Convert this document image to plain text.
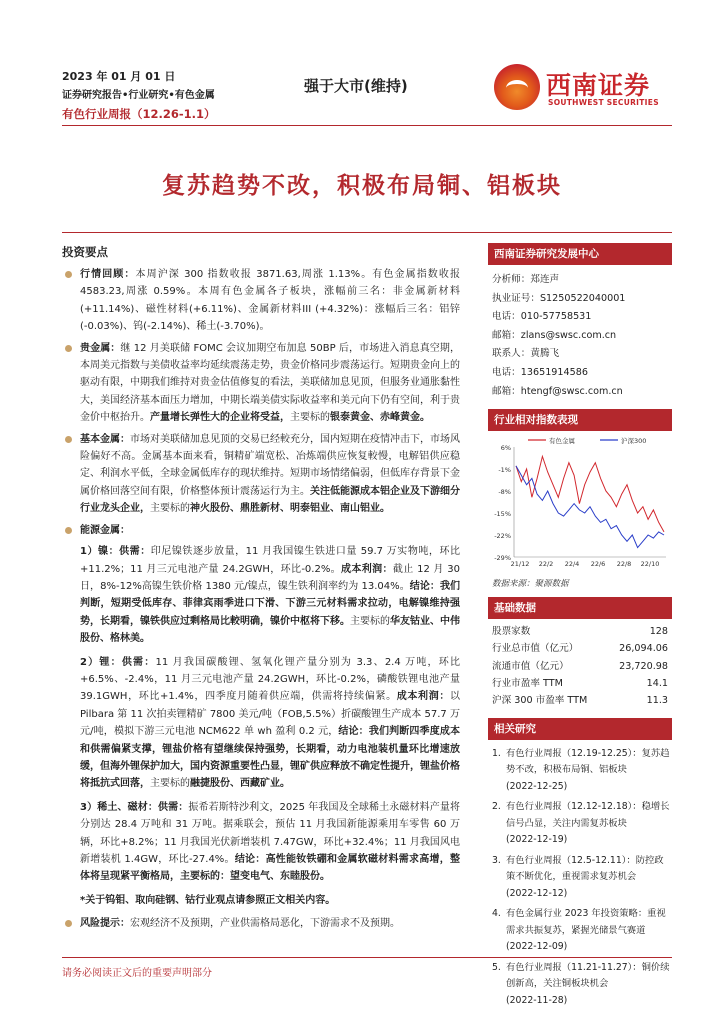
2023 年 01 月 01 日
证券研究报告•行业研究•有色金属
有色行业周报（12.26-1.1）
强于大市(维持)	西南证券
SOUTHWEST SECURITIES
复苏趋势不改，积极布局铜、铝板块
投资要点
行情回顾：本周沪深 300 指数收报 3871.63,周涨 1.13%。有色金属指数收报 4583.23,周涨 0.59%。本周有色金属各子板块，涨幅前三名：非金属新材料(+11.14%)、磁性材料(+6.11%)、金属新材料III (+4.32%)：涨幅后三名：铝锌(-0.03%)、钨(-2.14%)、稀土(-3.70%)。
贵金属：继 12 月美联储 FOMC 会议加期空布加息 50BP 后，市场进入消息真空期，本周美元指数与美债收益率均延续震荡走势，贵金价格同步震荡运行。短期贵金向上的驱动有限，中期我们维持对贵金估值修复的看法，美联储加息见顶，但服务业通胀黏性大，美国经济基本面压力增加，中期长端美债实际收益率和美元向下仍有空间，利于贵金价中枢抬升。产量增长弹性大的企业将受益，主要标的银泰黄金、赤峰黄金。
基本金属：市场对美联储加息见顶的交易已经較充分，国内短期在疫情冲击下，市场风险偏好不高。金属基本面来看，铜精矿端宽松、冶炼端供应恢复較慢，电解铝供应稳定、利润水平低，全球金属低库存的现状维持。短期市场情绪偏弱，但低库存背景下金属价格回落空间有限，价格整体预计震荡运行为主。关注低能源成本铝企业及下游细分行业龙头企业，主要标的神火股份、鼎胜新材、明泰铝业、南山铝业。
能源金属：
1）镍：供需：印尼镍铁逐步放量，11 月我国镍生铁进口量 59.7 万实物吨，环比+11.2%；11 月三元电池产量 24.2GWH，环比-0.2%。成本利润：截止 12 月 30 日，8%-12%高镍生铁价格 1380 元/镍点，镍生铁利润率约为 13.04%。结论：我们判断，短期受低库存、菲律宾雨季进口下滑、下游三元材料需求拉动，电解镍维持强势，长期看，镍铁供应过剩格局比較明确，镍价中枢将下移。主要标的华友钴业、中伟股份、格林美。
2）锂：供需：11 月我国碳酸锂、氢氧化锂产量分别为 3.3、2.4 万吨，环比+6.5%、-2.4%，11 月三元电池产量 24.2GWH，环比-0.2%，磷酸铁锂电池产量 39.1GWH，环比+1.4%，四季度月随着供应端，供需将持续偏紧。成本利润：以 Pilbara 第 11 次拍卖锂精矿 7800 美元/吨（FOB,5.5%）折碳酸锂生产成本 57.7 万元/吨，模拟下游三元电池 NCM622 单 wh 盈利 0.2 元，结论：我们判断四季度成本和供需偏紧支撑，锂盐价格有望继续保持强势，长期看，动力电池装机量环比增速放缓，但海外锂保护加大，国内资源重要性凸显，锂矿供应释放不确定性提升，锂盐价格将抵抗式回落，主要标的融捷股份、西藏矿业。
3）稀土、磁材：供需：振希若斯特沙利文，2025 年我国及全球稀土永磁材料产量将分别达 28.4 万吨和 31 万吨。据乘联会，预估 11 月我国新能源乘用车零售 60 万辆，环比+8.2%；11 月我国光伏新增装机 7.47GW，环比+32.4%；11 月我国风电新增装机 1.4GW，环比-27.4%。结论：高性能钕铁硼和金属软磁材料需求高增，整体将呈现紧平衡格局，主要标的：望变电气、东睦股份。
*关于钨钼、取向硅钢、钴行业观点请参照正文相关内容。
风险提示：宏观经济不及预期，产业供需格局恶化，下游需求不及预期。
西南证券研究发展中心
分析师：郑连声
执业证号：S1250522040001
电话：010-57758531
邮箱：zlans@swsc.com.cn
联系人：黄腾飞
电话：13651914586
邮箱：htengf@swsc.com.cn
行业相对指数表现
6%
-1%
-8%
-15%
-22%
-29%
21/12 22/2 22/4 22/6 22/8 22/10
有色金属	沪深300
数据来源：聚源数据
基础数据
股票家数	128
行业总市值（亿元）	26,094.06
流通市值（亿元）	23,720.98
行业市盈率 TTM	14.1
沪深 300 市盈率 TTM	11.3
相关研究
1. 有色行业周报（12.19-12.25）：复苏趋势不改，积极布局铜、铝板块
(2022-12-25)
2. 有色行业周报（12.12-12.18）：稳增长信号凸显，关注内需复苏板块
(2022-12-19)
3. 有色行业周报（12.5-12.11）：防控政策不断优化，重视需求复苏机会
(2022-12-12)
4. 有色金属行业 2023 年投资策略：重视需求共振复苏，紧握光储景气赛道
(2022-12-09)
5. 有色行业周报（11.21-11.27）：铜价续创新高，关注铜板块机会
(2022-11-28)
请务必阅读正文后的重要声明部分
